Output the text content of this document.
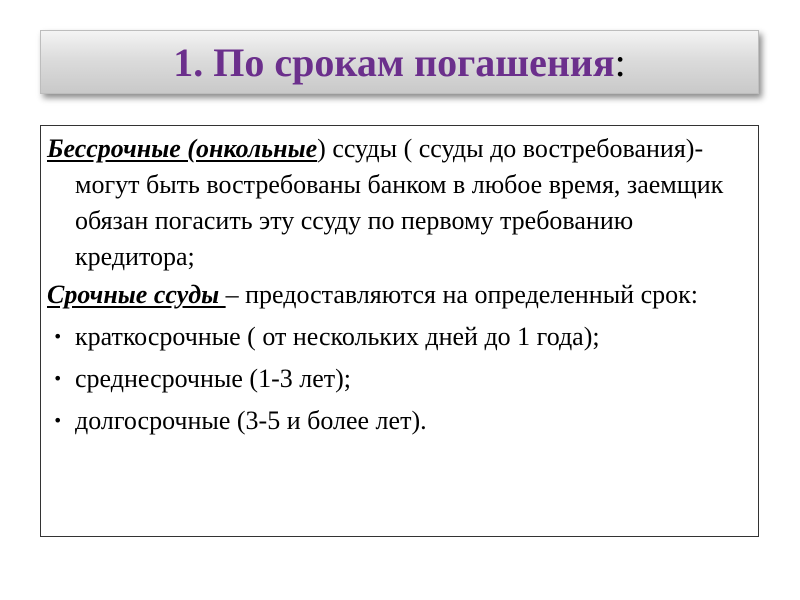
1. По срокам погашения:

Бессрочные (онкольные) ссуды ( ссуды до востребования)- могут быть востребованы банком в любое время, заемщик обязан погасить эту ссуду по первому требованию кредитора;

Срочные ссуды – предоставляются на определенный срок:

• краткосрочные ( от нескольких дней до 1 года);
• среднесрочные (1-3 лет);
• долгосрочные (3-5 и более лет).
